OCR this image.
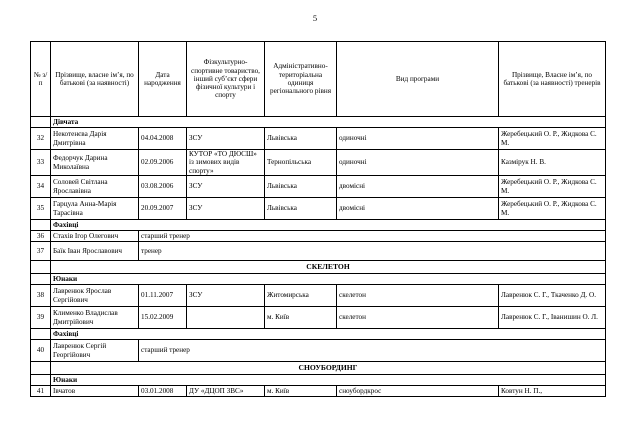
5
№ з/п	Прізвище, власне ім’я, по батькові (за наявності)	Дата народження	Фізкультурно-спортивне товариство, інший суб’єкт сфери фізичної культури і спорту	Адміністративно-територіальна одиниця регіонального рівня	Вид програми	Прізвище, Власне ім’я, по батькові (за наявності) тренерів
	Дівчата					
32	Некотенєва Дарія Дмитрівна	04.04.2008	ЗСУ	Львівська	одиночні	Жеребецький О. Р., Жидкова С. М.
33	Федорчук Дарина Миколаївна	02.09.2006	КУТОР «ТО ДЮСШ» із зимових видів спорту»	Тернопільська	одиночні	Казмірук Н. В.
34	Соловей Світлана Ярославівна	03.08.2006	ЗСУ	Львівська	двомісні	Жеребецький О. Р., Жидкова С. М.
35	Гарцула Анна-Марія Тарасівна	20.09.2007	ЗСУ	Львівська	двомісні	Жеребецький О. Р., Жидкова С. М.
	Фахівці					
36	Стахів Ігор Олегович	старший тренер				
37	Баїк Іван Ярославович	тренер				
	СКЕЛЕТОН					
	Юнаки					
38	Лавренюк Ярослав Сергійович	01.11.2007	ЗСУ	Житомирська	скелетон	Лавренюк С. Г., Ткаченко Д. О.
39	Клименко Владислав Дмитрійович	15.02.2009		м. Київ	скелетон	Лавренюк С. Г., Іванишин О. Л.
	Фахівці					
40	Лавренюк Сергій Георгійович	старший тренер				
	СНОУБОРДИНГ					
	Юнаки					
41	Івчатов	03.01.2008	ДУ «ДЦОП ЗВС»	м. Київ	сноубордкрос	Ковтун Н. П.,
